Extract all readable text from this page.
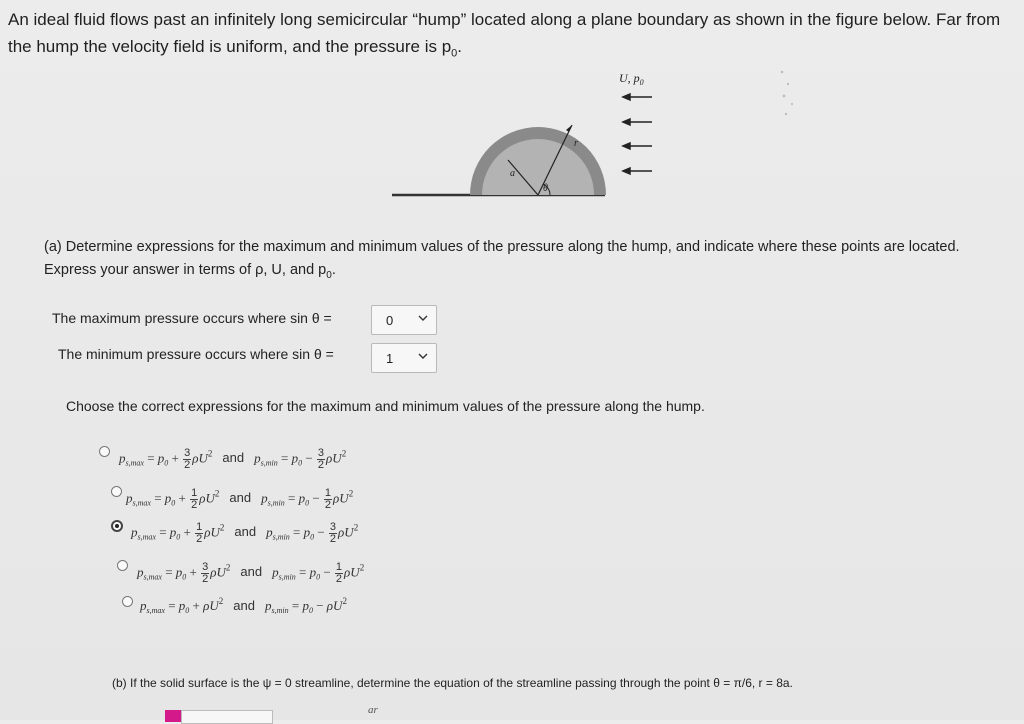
An ideal fluid flows past an infinitely long semicircular “hump” located along a plane boundary as shown in the figure below. Far from
the hump the velocity field is uniform, and the pressure is $p_0$.
a
r
θ
U, $p_0$
(a) Determine expressions for the maximum and minimum values of the pressure along the hump, and indicate where these points are located. Express your answer in terms of ρ, U, and $p_0$.
The maximum pressure occurs where sin θ =	0
The minimum pressure occurs where sin θ =	1
Choose the correct expressions for the maximum and minimum values of the pressure along the hump.
$p_{s,max} = p_0 + \frac{3}{2} \rho U^2$ and $p_{s,min} = p_0 - \frac{3}{2} \rho U^2$
$p_{s,max} = p_0 + \frac{1}{2} \rho U^2$ and $p_{s,min} = p_0 - \frac{1}{2} \rho U^2$
$p_{s,max} = p_0 + \frac{1}{2} \rho U^2$ and $p_{s,min} = p_0 - \frac{3}{2} \rho U^2$
$p_{s,max} = p_0 + \frac{3}{2} \rho U^2$ and $p_{s,min} = p_0 - \frac{1}{2} \rho U^2$
$p_{s,max} = p_0 + \rho U^2$ and $p_{s,min} = p_0 - \rho U^2$
(b) If the solid surface is the ψ = 0 streamline, determine the equation of the streamline passing through the point θ = π/6, r = 8a.
ar
